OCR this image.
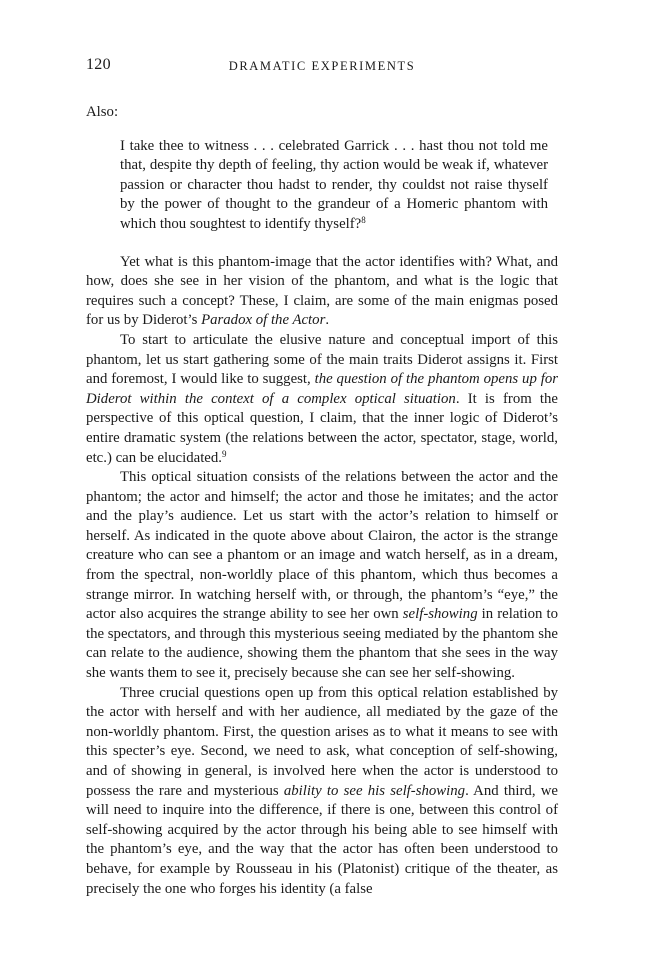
120	DRAMATIC EXPERIMENTS

Also:

I take thee to witness . . . celebrated Garrick . . . hast thou not told me that, despite thy depth of feeling, thy action would be weak if, whatever passion or character thou hadst to render, thy couldst not raise thyself by the power of thought to the grandeur of a Homeric phantom with which thou soughtest to identify thyself?$^8$

Yet what is this phantom-image that the actor identifies with? What, and how, does she see in her vision of the phantom, and what is the logic that requires such a concept? These, I claim, are some of the main enigmas posed for us by Diderot’s Paradox of the Actor.

To start to articulate the elusive nature and conceptual import of this phantom, let us start gathering some of the main traits Diderot assigns it. First and foremost, I would like to suggest, the question of the phantom opens up for Diderot within the context of a complex optical situation. It is from the perspective of this optical question, I claim, that the inner logic of Diderot’s entire dramatic system (the relations between the actor, spectator, stage, world, etc.) can be elucidated.$^9$

This optical situation consists of the relations between the actor and the phantom; the actor and himself; the actor and those he imitates; and the actor and the play’s audience. Let us start with the actor’s relation to himself or herself. As indicated in the quote above about Clairon, the actor is the strange creature who can see a phantom or an image and watch herself, as in a dream, from the spectral, non-worldly place of this phantom, which thus becomes a strange mirror. In watching herself with, or through, the phantom’s “eye,” the actor also acquires the strange ability to see her own self-showing in relation to the spectators, and through this mysterious seeing mediated by the phantom she can relate to the audience, showing them the phantom that she sees in the way she wants them to see it, precisely because she can see her self-showing.

Three crucial questions open up from this optical relation established by the actor with herself and with her audience, all mediated by the gaze of the non-worldly phantom. First, the question arises as to what it means to see with this specter’s eye. Second, we need to ask, what conception of self-showing, and of showing in general, is involved here when the actor is understood to possess the rare and mysterious ability to see his self-showing. And third, we will need to inquire into the difference, if there is one, between this control of self-showing acquired by the actor through his being able to see himself with the phantom’s eye, and the way that the actor has often been understood to behave, for example by Rousseau in his (Platonist) critique of the theater, as precisely the one who forges his identity (a false
